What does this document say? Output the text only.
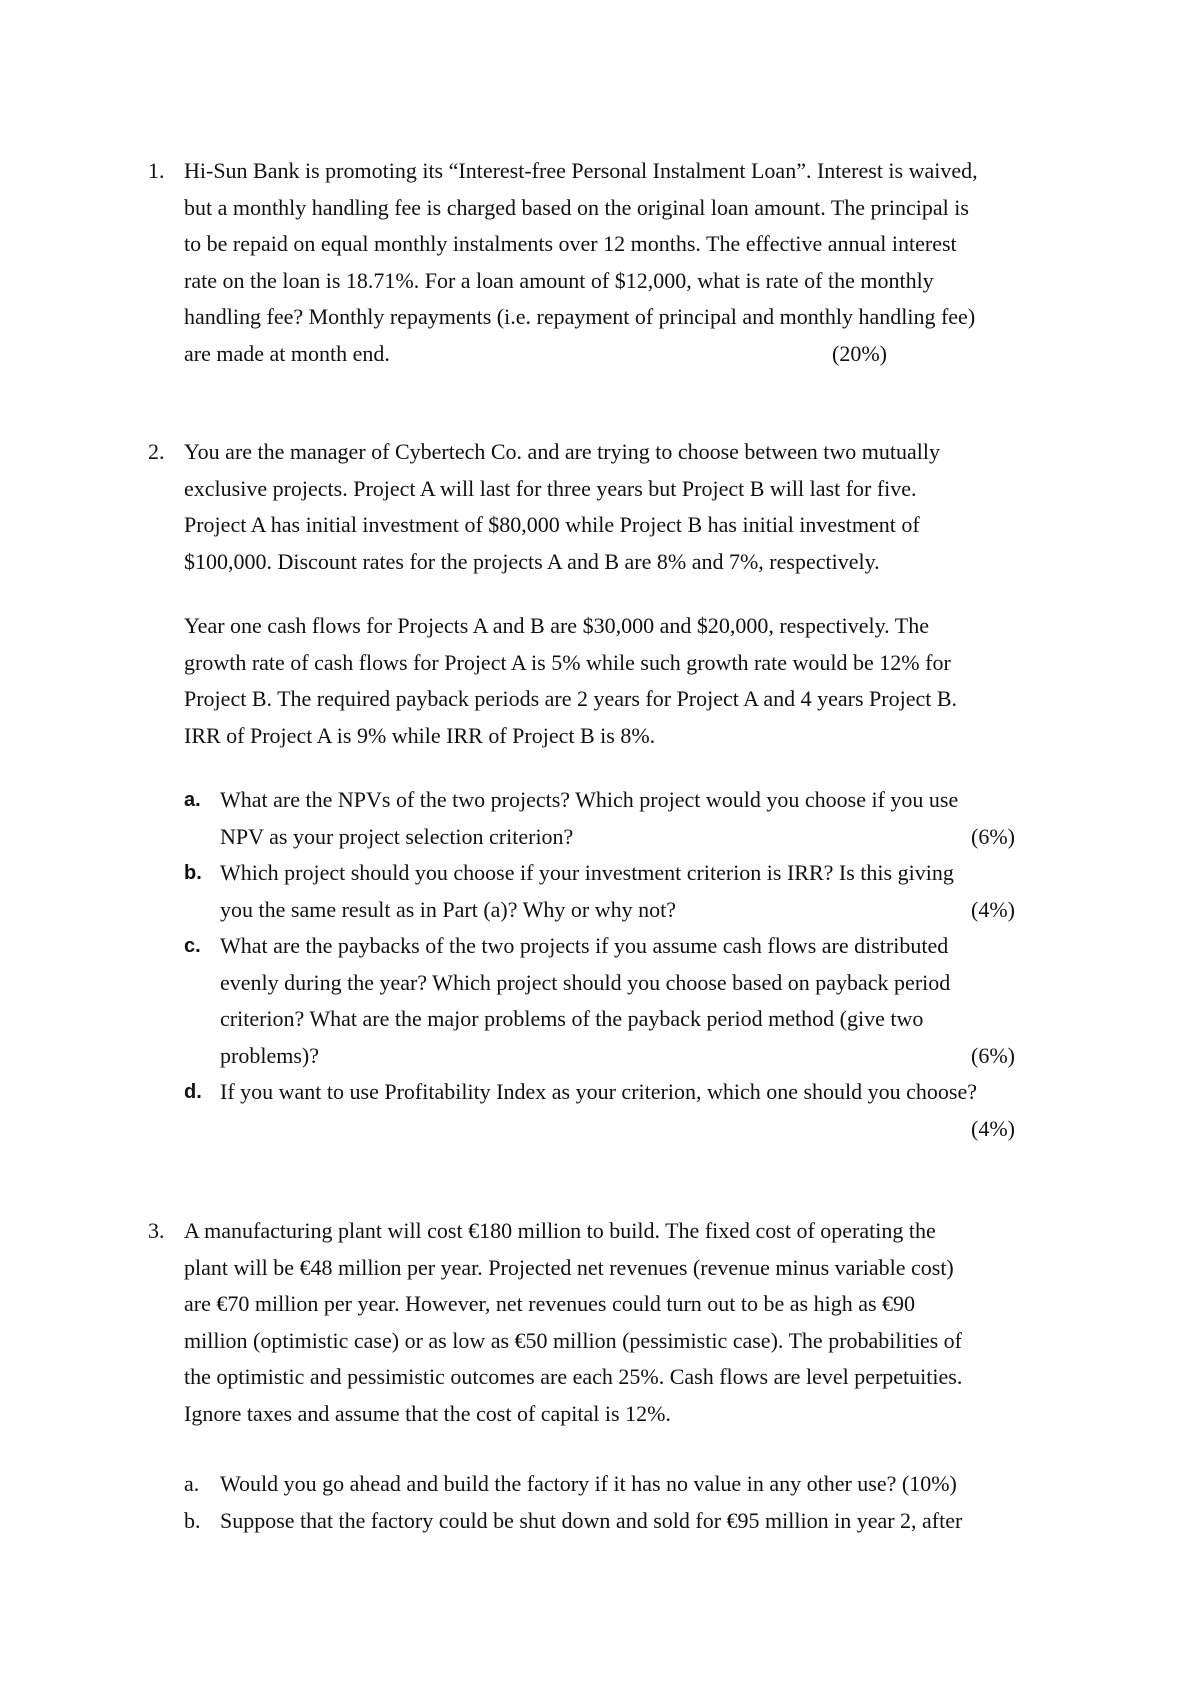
1. Hi-Sun Bank is promoting its “Interest-free Personal Instalment Loan”. Interest is waived,
but a monthly handling fee is charged based on the original loan amount. The principal is
to be repaid on equal monthly instalments over 12 months. The effective annual interest
rate on the loan is 18.71%. For a loan amount of $12,000, what is rate of the monthly
handling fee? Monthly repayments (i.e. repayment of principal and monthly handling fee)
are made at month end.	(20%)
2. You are the manager of Cybertech Co. and are trying to choose between two mutually
exclusive projects. Project A will last for three years but Project B will last for five.
Project A has initial investment of $80,000 while Project B has initial investment of
$100,000. Discount rates for the projects A and B are 8% and 7%, respectively.
Year one cash flows for Projects A and B are $30,000 and $20,000, respectively. The
growth rate of cash flows for Project A is 5% while such growth rate would be 12% for
Project B. The required payback periods are 2 years for Project A and 4 years Project B.
IRR of Project A is 9% while IRR of Project B is 8%.
a. What are the NPVs of the two projects? Which project would you choose if you use
NPV as your project selection criterion?	(6%)
b. Which project should you choose if your investment criterion is IRR? Is this giving
you the same result as in Part (a)? Why or why not?	(4%)
c. What are the paybacks of the two projects if you assume cash flows are distributed
evenly during the year? Which project should you choose based on payback period
criterion? What are the major problems of the payback period method (give two
problems)?	(6%)
d. If you want to use Profitability Index as your criterion, which one should you choose?
(4%)
3. A manufacturing plant will cost €180 million to build. The fixed cost of operating the
plant will be €48 million per year. Projected net revenues (revenue minus variable cost)
are €70 million per year. However, net revenues could turn out to be as high as €90
million (optimistic case) or as low as €50 million (pessimistic case). The probabilities of
the optimistic and pessimistic outcomes are each 25%. Cash flows are level perpetuities.
Ignore taxes and assume that the cost of capital is 12%.
a. Would you go ahead and build the factory if it has no value in any other use? (10%)
b. Suppose that the factory could be shut down and sold for €95 million in year 2, after
